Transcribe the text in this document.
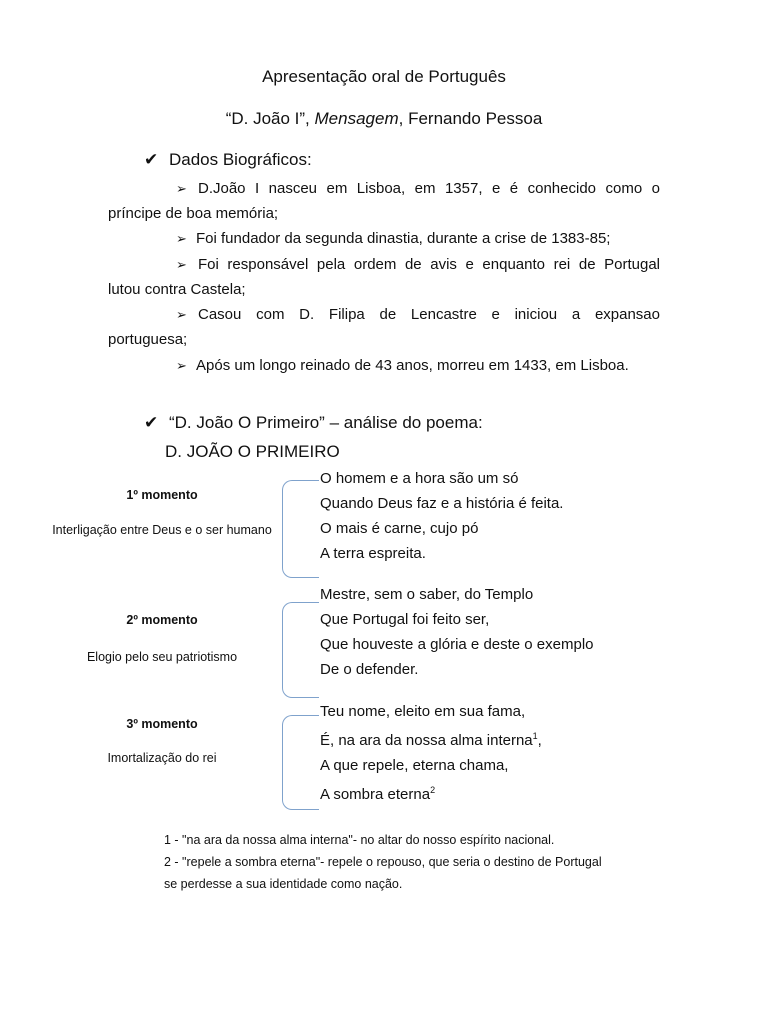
Apresentação oral de Português
“D. João I”, Mensagem, Fernando Pessoa
✔ Dados Biográficos:
➢ D.João I nasceu em Lisboa, em 1357, e é conhecido como o
príncipe de boa memória;
➢ Foi fundador da segunda dinastia, durante a crise de 1383-85;
➢ Foi responsável pela ordem de avis e enquanto rei de Portugal
lutou contra Castela;
➢ Casou com D. Filipa de Lencastre e iniciou a expansao
portuguesa;
➢ Após um longo reinado de 43 anos, morreu em 1433, em Lisboa.
✔ “D. João O Primeiro” – análise do poema:
D. JOÃO O PRIMEIRO
1º momento
Interligação entre Deus e o ser humano
O homem e a hora são um só
Quando Deus faz e a história é feita.
O mais é carne, cujo pó
A terra espreita.
2º momento
Elogio pelo seu patriotismo
Mestre, sem o saber, do Templo
Que Portugal foi feito ser,
Que houveste a glória e deste o exemplo
De o defender.
3º momento
Imortalização do rei
Teu nome, eleito em sua fama,
É, na ara da nossa alma interna$^1$,
A que repele, eterna chama,
A sombra eterna$^2$
1 - "na ara da nossa alma interna"- no altar do nosso espírito nacional.
2 - "repele a sombra eterna"- repele o repouso, que seria o destino de Portugal
se perdesse a sua identidade como nação.
